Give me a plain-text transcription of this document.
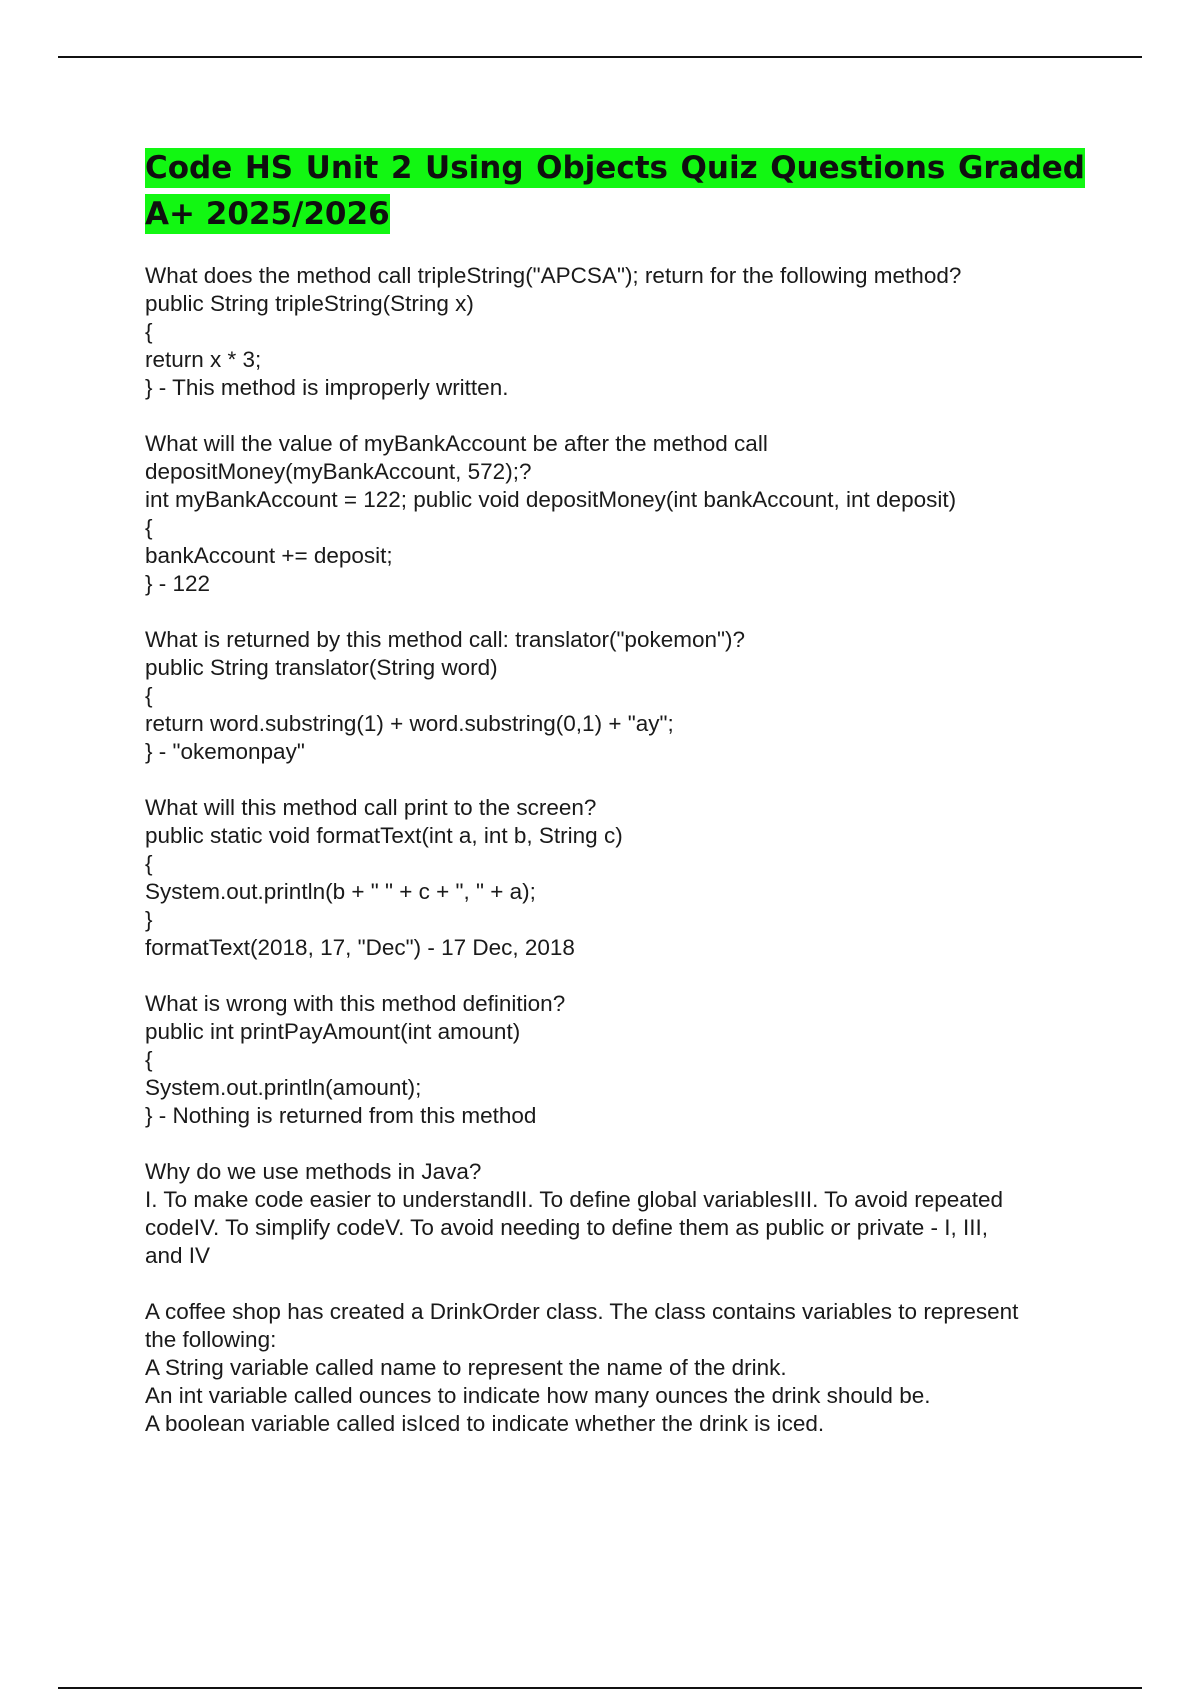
Code HS Unit 2 Using Objects Quiz Questions Graded A+ 2025/2026
What does the method call tripleString("APCSA"); return for the following method?
public String tripleString(String x)
{
return x * 3;
} - This method is improperly written.
What will the value of myBankAccount be after the method call
depositMoney(myBankAccount, 572);?
int myBankAccount = 122; public void depositMoney(int bankAccount, int deposit)
{
bankAccount += deposit;
} - 122
What is returned by this method call: translator("pokemon")?
public String translator(String word)
{
return word.substring(1) + word.substring(0,1) + "ay";
} - "okemonpay"
What will this method call print to the screen?
public static void formatText(int a, int b, String c)
{
System.out.println(b + " " + c + ", " + a);
}
formatText(2018, 17, "Dec") - 17 Dec, 2018
What is wrong with this method definition?
public int printPayAmount(int amount)
{
System.out.println(amount);
} - Nothing is returned from this method
Why do we use methods in Java?
I. To make code easier to understandII. To define global variablesIII. To avoid repeated
codeIV. To simplify codeV. To avoid needing to define them as public or private - I, III,
and IV
A coffee shop has created a DrinkOrder class. The class contains variables to represent
the following:
A String variable called name to represent the name of the drink.
An int variable called ounces to indicate how many ounces the drink should be.
A boolean variable called isIced to indicate whether the drink is iced.
